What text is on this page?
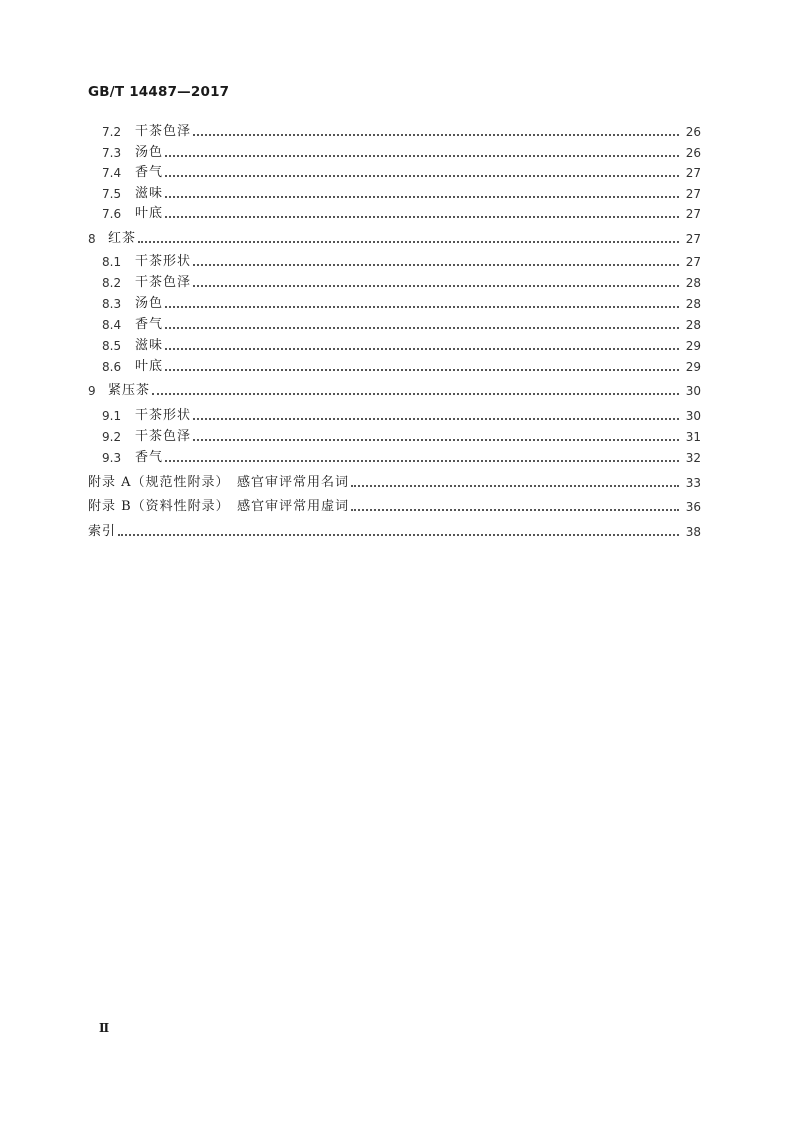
GB/T 14487—2017
7.2	干茶色泽	26
7.3	汤色	26
7.4	香气	27
7.5	滋味	27
7.6	叶底	27
8 红茶	27
8.1	干茶形状	27
8.2	干茶色泽	28
8.3	汤色	28
8.4	香气	28
8.5	滋味	29
8.6	叶底	29
9 紧压茶	30
9.1	干茶形状	30
9.2	干茶色泽	31
9.3	香气	32
附录 A（规范性附录）　感官审评常用名词	33
附录 B（资料性附录）　感官审评常用虚词	36
索引	38
Ⅱ
